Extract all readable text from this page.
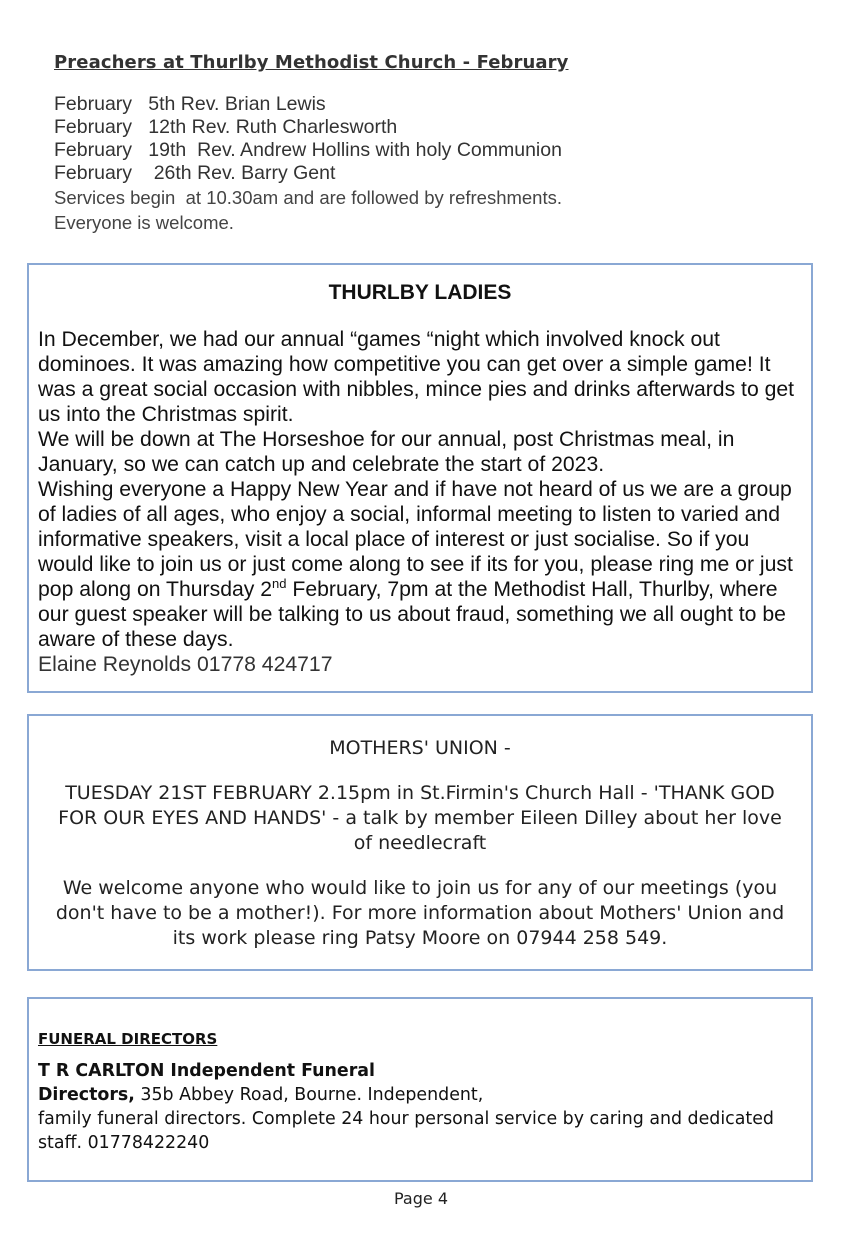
Preachers at Thurlby Methodist Church - February
February   5th Rev. Brian Lewis
February   12th Rev. Ruth Charlesworth
February   19th  Rev. Andrew Hollins with holy Communion
February    26th Rev. Barry Gent
Services begin  at 10.30am and are followed by refreshments.
Everyone is welcome.
THURLBY LADIES

In December, we had our annual “games “night which involved knock out dominoes. It was amazing how competitive you can get over a simple game! It was a great social occasion with nibbles, mince pies and drinks afterwards to get us into the Christmas spirit.

We will be down at The Horseshoe for our annual, post Christmas meal, in January, so we can catch up and celebrate the start of 2023.

Wishing everyone a Happy New Year and if have not heard of us we are a group of ladies of all ages, who enjoy a social, informal meeting to listen to varied and informative speakers, visit a local place of interest or just socialise. So if you would like to join us or just come along to see if its for you, please ring me or just pop along on Thursday 2nd February, 7pm at the Methodist Hall, Thurlby, where our guest speaker will be talking to us about fraud, something we all ought to be aware of these days.

Elaine Reynolds 01778 424717

MOTHERS' UNION -
TUESDAY 21ST FEBRUARY 2.15pm in St.Firmin's Church Hall - 'THANK GOD FOR OUR EYES AND HANDS' - a talk by member Eileen Dilley about her love of needlecraft
We welcome anyone who would like to join us for any of our meetings (you don't have to be a mother!). For more information about Mothers' Union and its work please ring Patsy Moore on 07944 258 549.
FUNERAL DIRECTORS
T R CARLTON Independent Funeral
Directors, 35b Abbey Road, Bourne. Independent,
family funeral directors. Complete 24 hour personal service by caring and dedicated staff. 01778422240
Page 4
